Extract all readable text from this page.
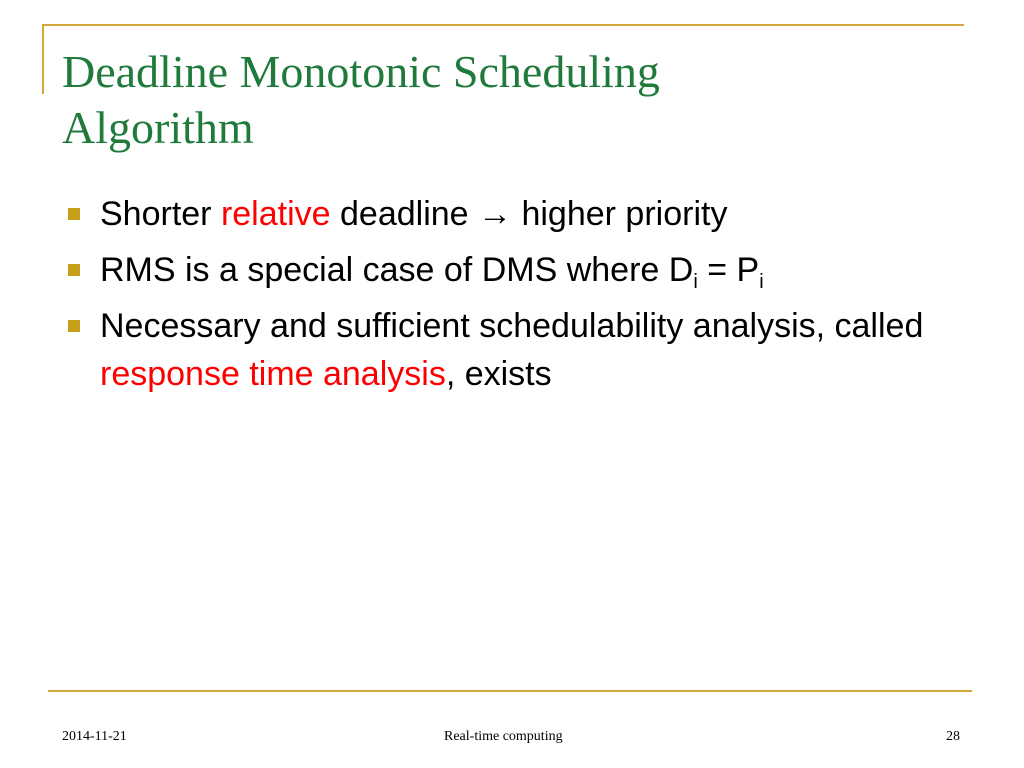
Deadline Monotonic Scheduling
Algorithm
Shorter relative deadline → higher priority
RMS is a special case of DMS where $D_i = P_i$
Necessary and sufficient schedulability analysis, called response time analysis, exists
2014-11-21	Real-time computing	28
